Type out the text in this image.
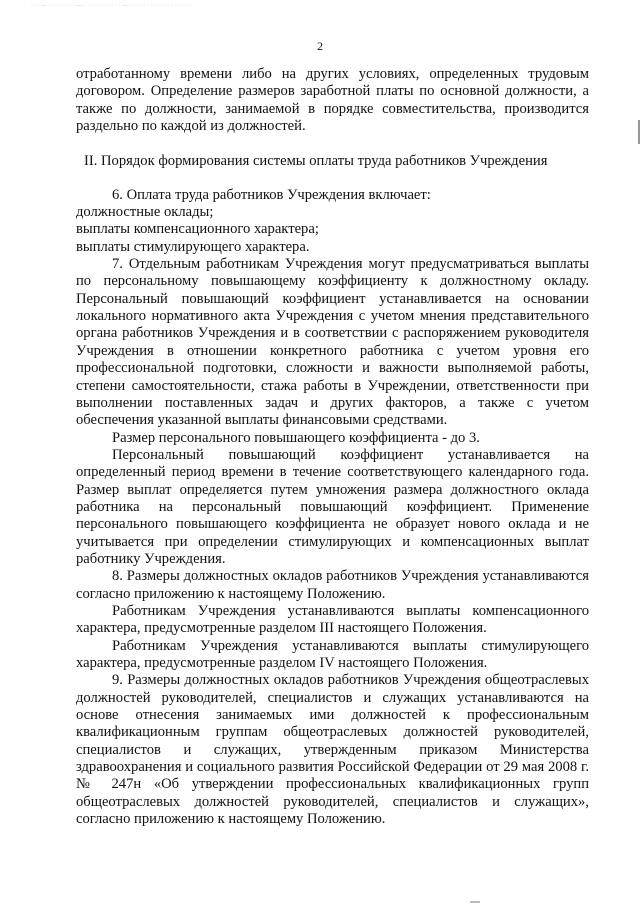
· · · — · · · · · · · · — · · · · · · · · · · · — · · · · · · · · · · · · · · · · · ·
2

отработанному времени либо на других условиях, определенных трудовым договором. Определение размеров заработной платы по основной должности, а также по должности, занимаемой в порядке совместительства, производится раздельно по каждой из должностей.

II. Порядок формирования системы оплаты труда работников Учреждения

6. Оплата труда работников Учреждения включает:

должностные оклады;

выплаты компенсационного характера;

выплаты стимулирующего характера.

7. Отдельным работникам Учреждения могут предусматриваться выплаты по персональному повышающему коэффициенту к должностному окладу. Персональный повышающий коэффициент устанавливается на основании локального нормативного акта Учреждения с учетом мнения представительного органа работников Учреждения и в соответствии с распоряжением руководителя Учреждения в отношении конкретного работника с учетом уровня его профессиональной подготовки, сложности и важности выполняемой работы, степени самостоятельности, стажа работы в Учреждении, ответственности при выполнении поставленных задач и других факторов, а также с учетом обеспечения указанной выплаты финансовыми средствами.

Размер персонального повышающего коэффициента - до 3.

Персональный повышающий коэффициент устанавливается на определенный период времени в течение соответствующего календарного года. Размер выплат определяется путем умножения размера должностного оклада работника на персональный повышающий коэффициент. Применение персонального повышающего коэффициента не образует нового оклада и не учитывается при определении стимулирующих и компенсационных выплат работнику Учреждения.

8. Размеры должностных окладов работников Учреждения устанавливаются согласно приложению к настоящему Положению.

Работникам Учреждения устанавливаются выплаты компенсационного характера, предусмотренные разделом III настоящего Положения.

Работникам Учреждения устанавливаются выплаты стимулирующего характера, предусмотренные разделом IV настоящего Положения.

9. Размеры должностных окладов работников Учреждения общеотраслевых должностей руководителей, специалистов и служащих устанавливаются на основе отнесения занимаемых ими должностей к профессиональным квалификационным группам общеотраслевых должностей руководителей, специалистов и служащих, утвержденным приказом Министерства здравоохранения и социального развития Российской Федерации от 29 мая 2008 г. № 247н «Об утверждении профессиональных квалификационных групп общеотраслевых должностей руководителей, специалистов и служащих», согласно приложению к настоящему Положению.
